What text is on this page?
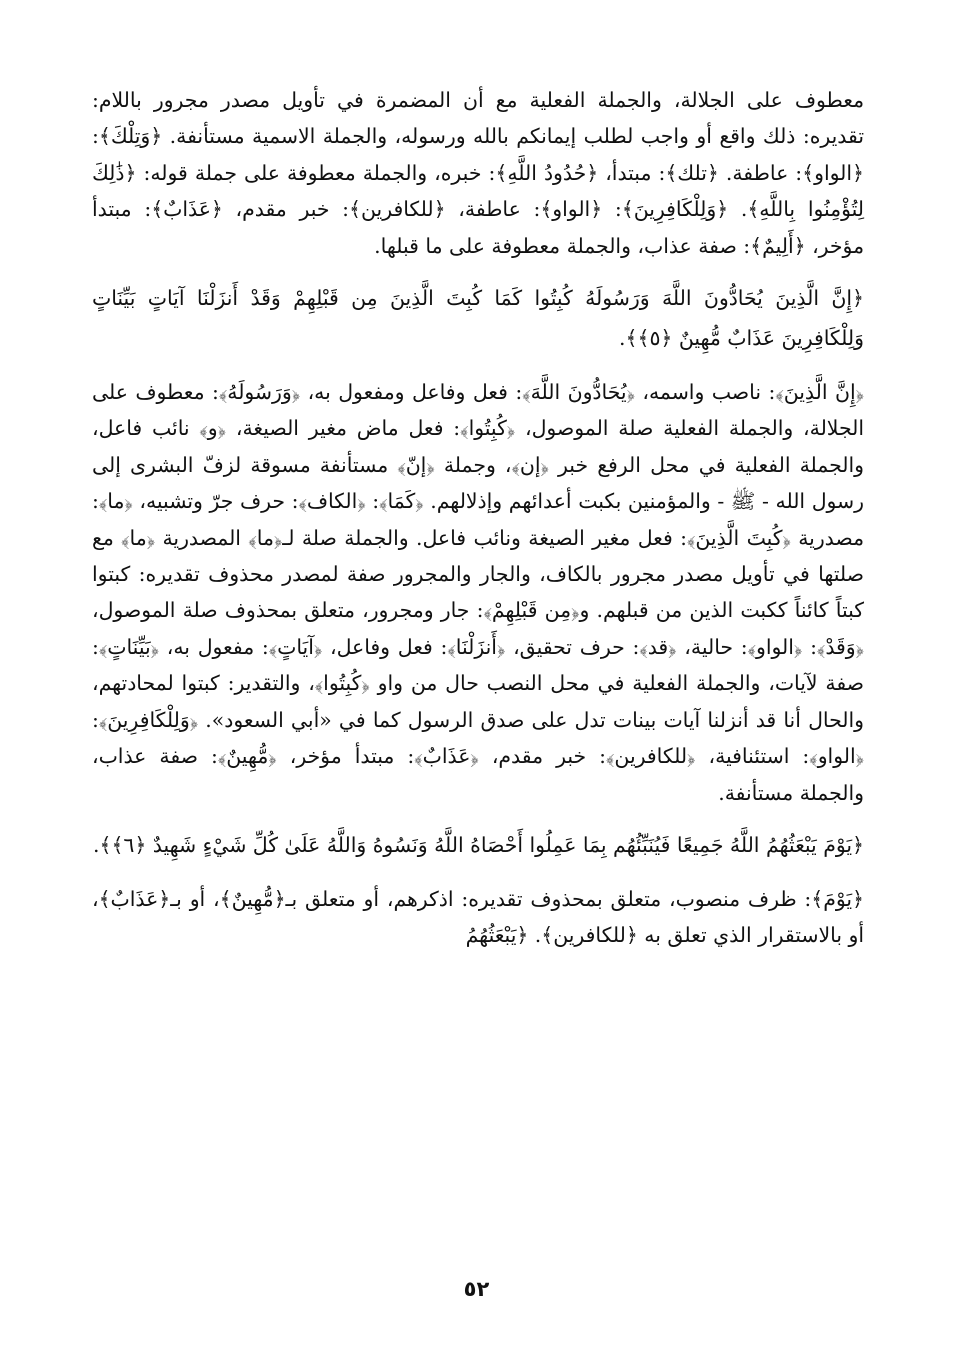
معطوف على الجلالة، والجملة الفعلية مع أن المضمرة في تأويل مصدر مجرور باللام: تقديره: ذلك واقع أو واجب لطلب إيمانكم بالله ورسوله، والجملة الاسمية مستأنفة. ﴿وَتِلْكَ﴾: ﴿الواو﴾: عاطفة. ﴿تلك﴾: مبتدأ، ﴿حُدُودُ اللَّهِ﴾: خبره، والجملة معطوفة على جملة قوله: ﴿ذَٰلِكَ لِتُؤْمِنُوا بِاللَّهِ﴾. ﴿وَلِلْكَافِرِينَ﴾: ﴿الواو﴾: عاطفة، ﴿للكافرين﴾: خبر مقدم، ﴿عَذَابٌ﴾: مبتدأ مؤخر، ﴿أَلِيمٌ﴾: صفة عذاب، والجملة معطوفة على ما قبلها.

﴿إِنَّ الَّذِينَ يُحَادُّونَ اللَّهَ وَرَسُولَهُ كُبِتُوا كَمَا كُبِتَ الَّذِينَ مِن قَبْلِهِمْ وَقَدْ أَنزَلْنَا آيَاتٍ بَيِّنَاتٍ وَلِلْكَافِرِينَ عَذَابٌ مُّهِينٌ ﴿٥﴾﴾.

﴿إِنَّ الَّذِينَ﴾: ناصب واسمه، ﴿يُحَادُّونَ اللَّهَ﴾: فعل وفاعل ومفعول به، ﴿وَرَسُولَهُ﴾: معطوف على الجلالة، والجملة الفعلية صلة الموصول، ﴿كُبِتُوا﴾: فعل ماض مغير الصيغة، ﴿و﴾ نائب فاعل، والجملة الفعلية في محل الرفع خبر ﴿إن﴾، وجملة ﴿إنّ﴾ مستأنفة مسوقة لزفّ البشرى إلى رسول الله - ﷺ - والمؤمنين بكبت أعدائهم وإذلالهم. ﴿كَمَا﴾: ﴿الكاف﴾: حرف جرّ وتشبيه، ﴿ما﴾: مصدرية ﴿كُبِتَ الَّذِينَ﴾: فعل مغير الصيغة ونائب فاعل. والجملة صلة لـ﴿ما﴾ المصدرية ﴿ما﴾ مع صلتها في تأويل مصدر مجرور بالكاف، والجار والمجرور صفة لمصدر محذوف تقديره: كبتوا كبتاً كائناً ككبت الذين من قبلهم. و﴿مِن قَبْلِهِمْ﴾: جار ومجرور، متعلق بمحذوف صلة الموصول، ﴿وَقَدْ﴾: ﴿الواو﴾: حالية، ﴿قد﴾: حرف تحقيق، ﴿أَنزَلْنَا﴾: فعل وفاعل، ﴿آيَاتٍ﴾: مفعول به، ﴿بَيِّنَاتٍ﴾: صفة لآيات، والجملة الفعلية في محل النصب حال من واو ﴿كُبِتُوا﴾، والتقدير: كبتوا لمحادتهم، والحال أنا قد أنزلنا آيات بينات تدل على صدق الرسول كما في «أبي السعود». ﴿وَلِلْكَافِرِينَ﴾: ﴿الواو﴾: استئنافية، ﴿للكافرين﴾: خبر مقدم، ﴿عَذَابٌ﴾: مبتدأ مؤخر، ﴿مُّهِينٌ﴾: صفة عذاب، والجملة مستأنفة.

﴿يَوْمَ يَبْعَثُهُمُ اللَّهُ جَمِيعًا فَيُنَبِّئُهُم بِمَا عَمِلُوا أَحْصَاهُ اللَّهُ وَنَسُوهُ وَاللَّهُ عَلَىٰ كُلِّ شَيْءٍ شَهِيدٌ ﴿٦﴾﴾.

﴿يَوْمَ﴾: ظرف منصوب، متعلق بمحذوف تقديره: اذكرهم، أو متعلق بـ﴿مُّهِينٌ﴾، أو بـ﴿عَذَابٌ﴾، أو بالاستقرار الذي تعلق به ﴿للكافرين﴾. ﴿يَبْعَثُهُمُ

٥٢
